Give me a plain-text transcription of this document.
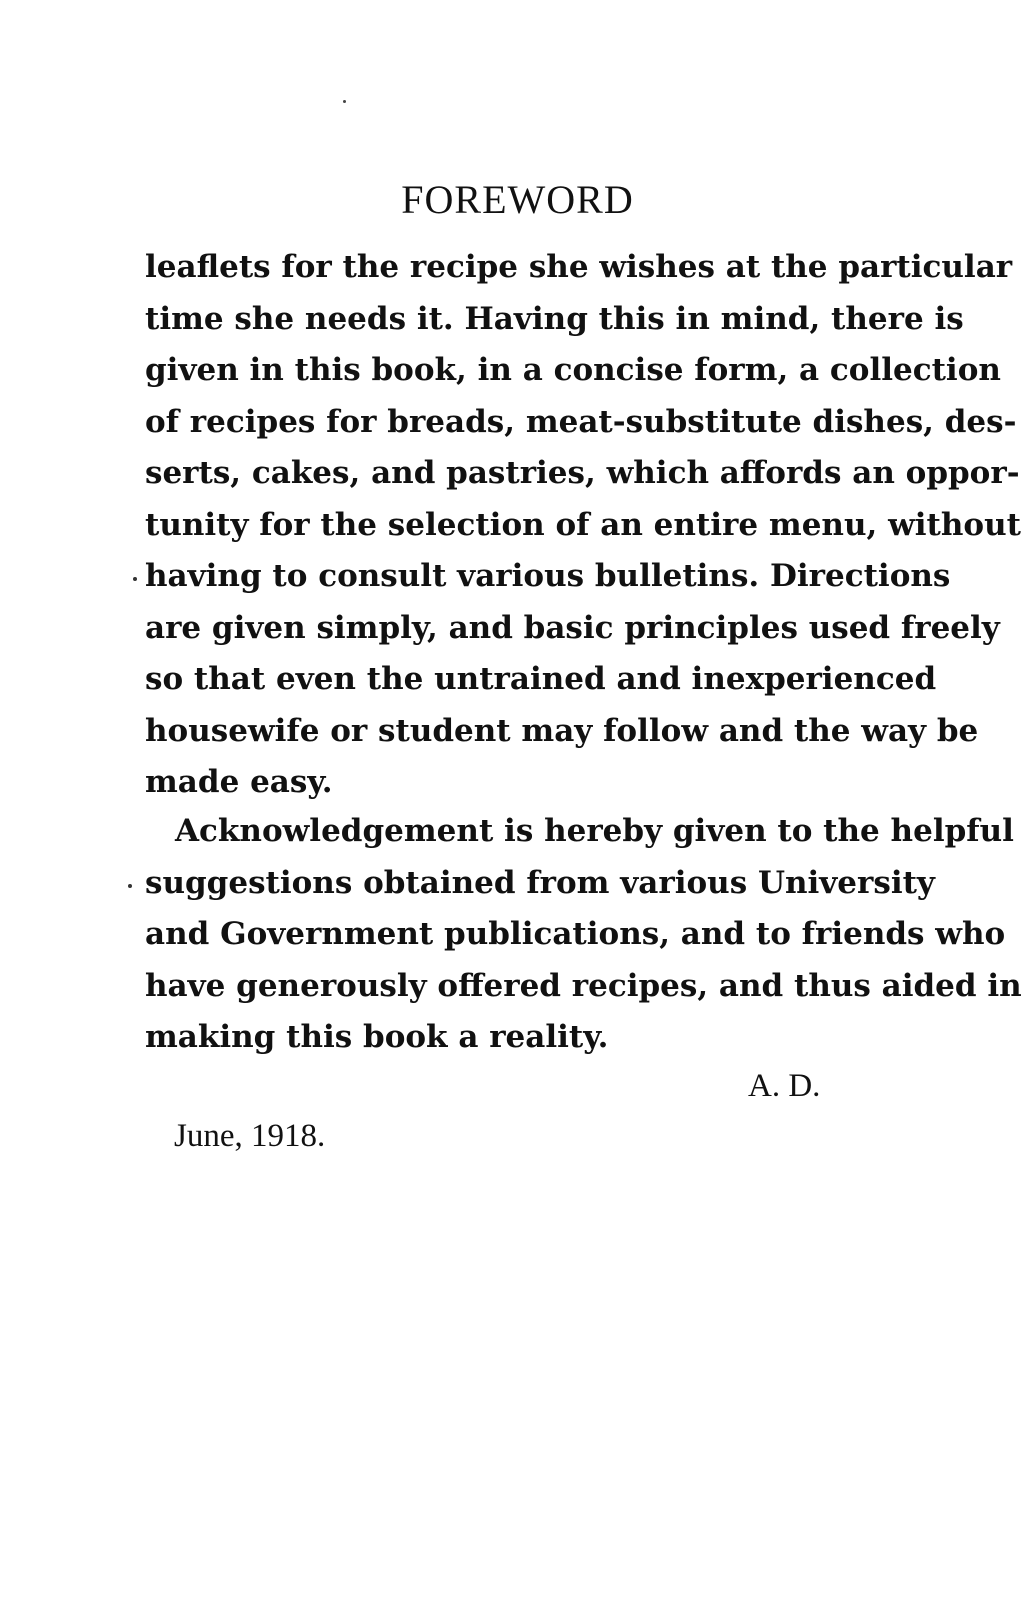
FOREWORD
leaflets for the recipe she wishes at the particular
time she needs it. Having this in mind, there is
given in this book, in a concise form, a collection
of recipes for breads, meat-substitute dishes, des-
serts, cakes, and pastries, which affords an oppor-
tunity for the selection of an entire menu, without
having to consult various bulletins. Directions
are given simply, and basic principles used freely
so that even the untrained and inexperienced
housewife or student may follow and the way be
made easy.
Acknowledgement is hereby given to the helpful
suggestions obtained from various University
and Government publications, and to friends who
have generously offered recipes, and thus aided in
making this book a reality.
A. D.
June, 1918.
